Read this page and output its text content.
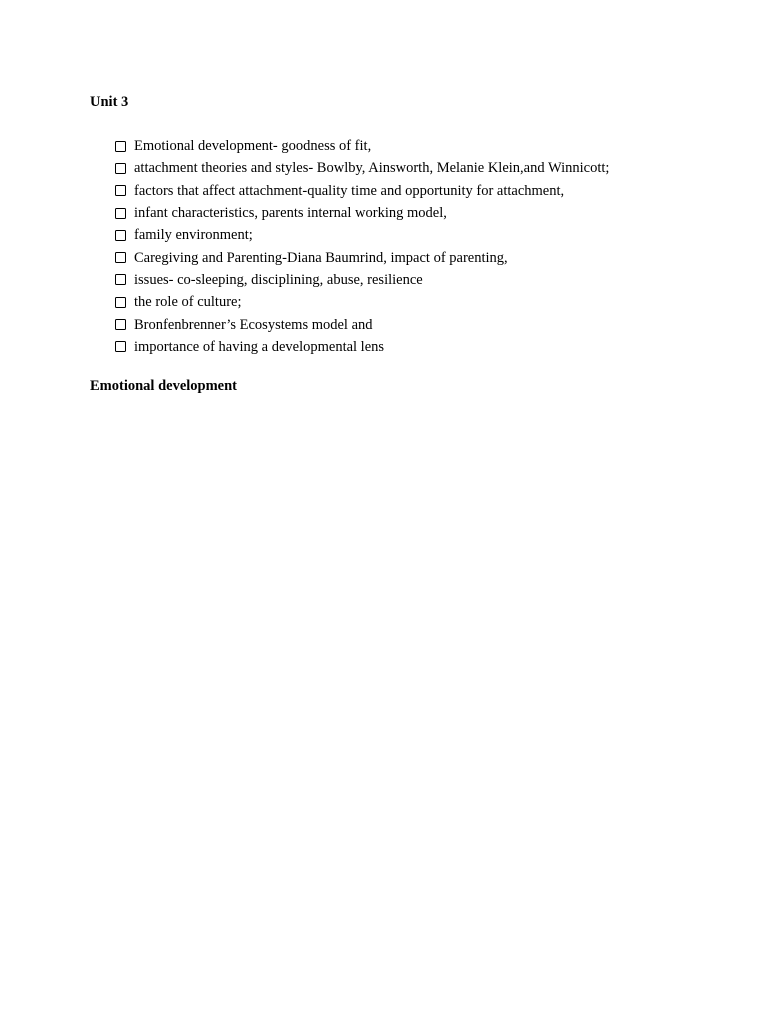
Unit 3
Emotional development- goodness of fit,
attachment theories and styles- Bowlby, Ainsworth, Melanie Klein,and Winnicott;
factors that affect attachment-quality time and opportunity for attachment,
infant characteristics, parents internal working model,
family environment;
Caregiving and Parenting-Diana Baumrind, impact of parenting,
issues- co-sleeping, disciplining, abuse, resilience
the role of culture;
Bronfenbrenner’s Ecosystems model and
importance of having a developmental lens
Emotional development
